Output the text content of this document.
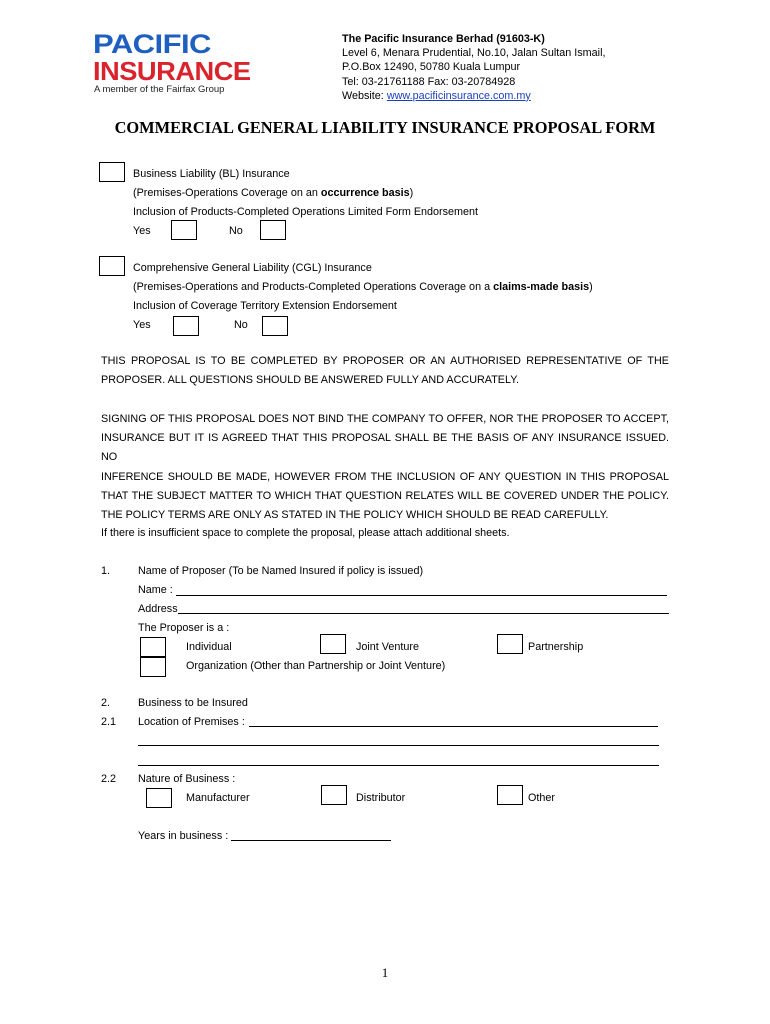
PACIFIC
INSURANCE
A member of the Fairfax Group
The Pacific Insurance Berhad (91603-K)
Level 6, Menara Prudential, No.10, Jalan Sultan Ismail,
P.O.Box 12490, 50780 Kuala Lumpur
Tel: 03-21761188 Fax: 03-20784928
Website: www.pacificinsurance.com.my
COMMERCIAL GENERAL LIABILITY INSURANCE PROPOSAL FORM
Business Liability (BL) Insurance
(Premises-Operations Coverage on an occurrence basis)
Inclusion of Products-Completed Operations Limited Form Endorsement
Yes	No
Comprehensive General Liability (CGL) Insurance
(Premises-Operations and Products-Completed Operations Coverage on a claims-made basis)
Inclusion of Coverage Territory Extension Endorsement
Yes	No
THIS PROPOSAL IS TO BE COMPLETED BY PROPOSER OR AN AUTHORISED REPRESENTATIVE OF THE
PROPOSER. ALL QUESTIONS SHOULD BE ANSWERED FULLY AND ACCURATELY.
SIGNING OF THIS PROPOSAL DOES NOT BIND THE COMPANY TO OFFER, NOR THE PROPOSER TO ACCEPT,
INSURANCE BUT IT IS AGREED THAT THIS PROPOSAL SHALL BE THE BASIS OF ANY INSURANCE ISSUED. NO
INFERENCE SHOULD BE MADE, HOWEVER FROM THE INCLUSION OF ANY QUESTION IN THIS PROPOSAL
THAT THE SUBJECT MATTER TO WHICH THAT QUESTION RELATES WILL BE COVERED UNDER THE POLICY.
THE POLICY TERMS ARE ONLY AS STATED IN THE POLICY WHICH SHOULD BE READ CAREFULLY.
If there is insufficient space to complete the proposal, please attach additional sheets.
1.	Name of Proposer (To be Named Insured if policy is issued)
Name :
Address
The Proposer is a :
Individual	Joint Venture	Partnership
Organization (Other than Partnership or Joint Venture)
2.	Business to be Insured
2.1 Location of Premises :
2.2 Nature of Business :
Manufacturer	Distributor	Other
Years in business :
1
